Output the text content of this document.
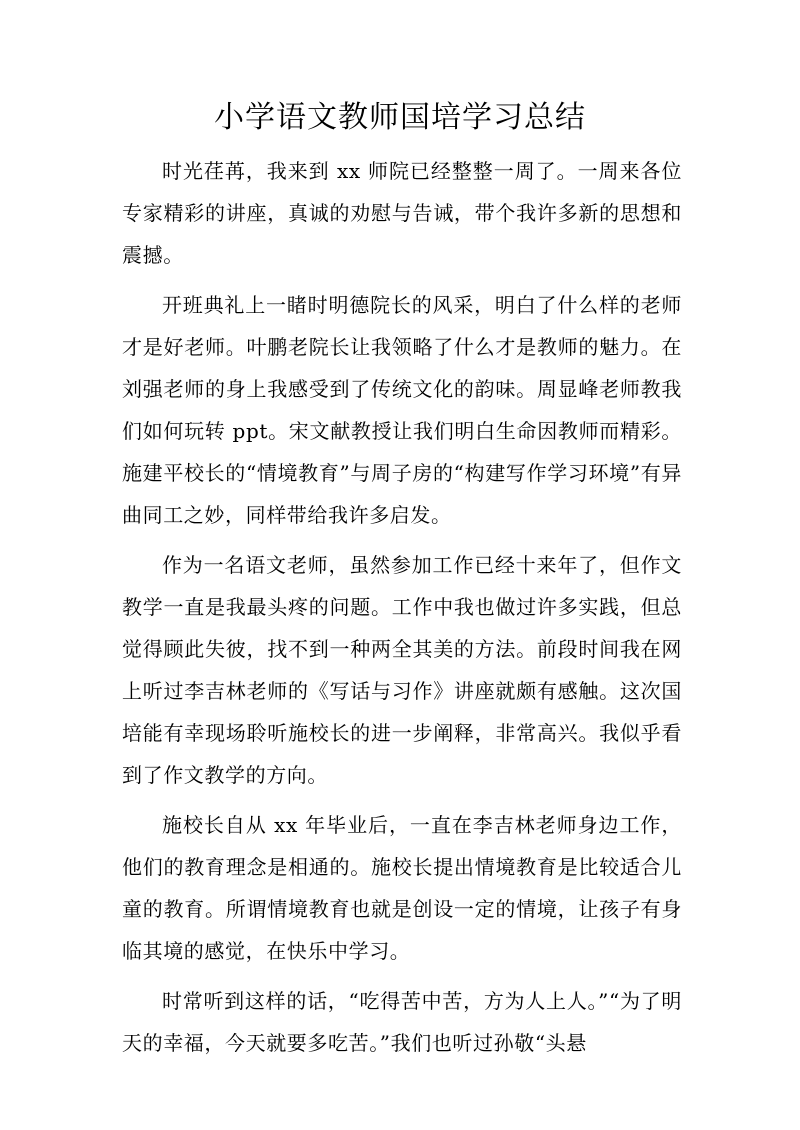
小学语文教师国培学习总结

时光荏苒，我来到 xx 师院已经整整一周了。一周来各位专家精彩的讲座，真诚的劝慰与告诫，带个我许多新的思想和震撼。

开班典礼上一睹时明德院长的风采，明白了什么样的老师才是好老师。叶鹏老院长让我领略了什么才是教师的魅力。在刘强老师的身上我感受到了传统文化的韵味。周显峰老师教我们如何玩转 ppt。宋文献教授让我们明白生命因教师而精彩。施建平校长的“情境教育”与周子房的“构建写作学习环境”有异曲同工之妙，同样带给我许多启发。

作为一名语文老师，虽然参加工作已经十来年了，但作文教学一直是我最头疼的问题。工作中我也做过许多实践，但总觉得顾此失彼，找不到一种两全其美的方法。前段时间我在网上听过李吉林老师的《写话与习作》讲座就颇有感触。这次国培能有幸现场聆听施校长的进一步阐释，非常高兴。我似乎看到了作文教学的方向。

施校长自从 xx 年毕业后，一直在李吉林老师身边工作，他们的教育理念是相通的。施校长提出情境教育是比较适合儿童的教育。所谓情境教育也就是创设一定的情境，让孩子有身临其境的感觉，在快乐中学习。

时常听到这样的话，“吃得苦中苦，方为人上人。”“为了明天的幸福，今天就要多吃苦。”我们也听过孙敬“头悬
